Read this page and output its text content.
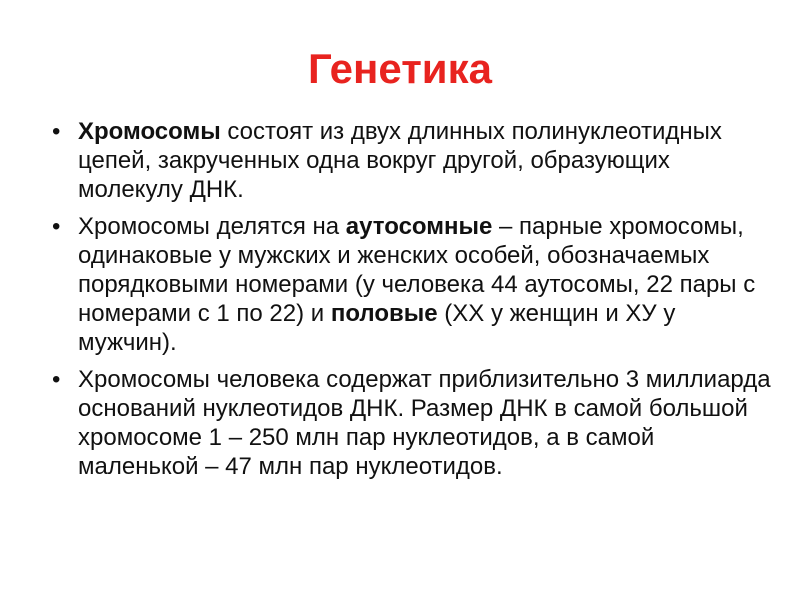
Генетика
• Хромосомы состоят из двух длинных полинуклеотидных цепей, закрученных одна вокруг другой, образующих молекулу ДНК.
• Хромосомы делятся на аутосомные – парные хромосомы, одинаковые у мужских и женских особей, обозначаемых порядковыми номерами (у человека 44 аутосомы, 22 пары с номерами с 1 по 22) и половые (ХХ у женщин и ХУ у мужчин).
• Хромосомы человека содержат приблизительно 3 миллиарда оснований нуклеотидов ДНК. Размер ДНК в самой большой хромосоме 1 – 250 млн пар нуклеотидов, а в самой маленькой – 47 млн пар нуклеотидов.
